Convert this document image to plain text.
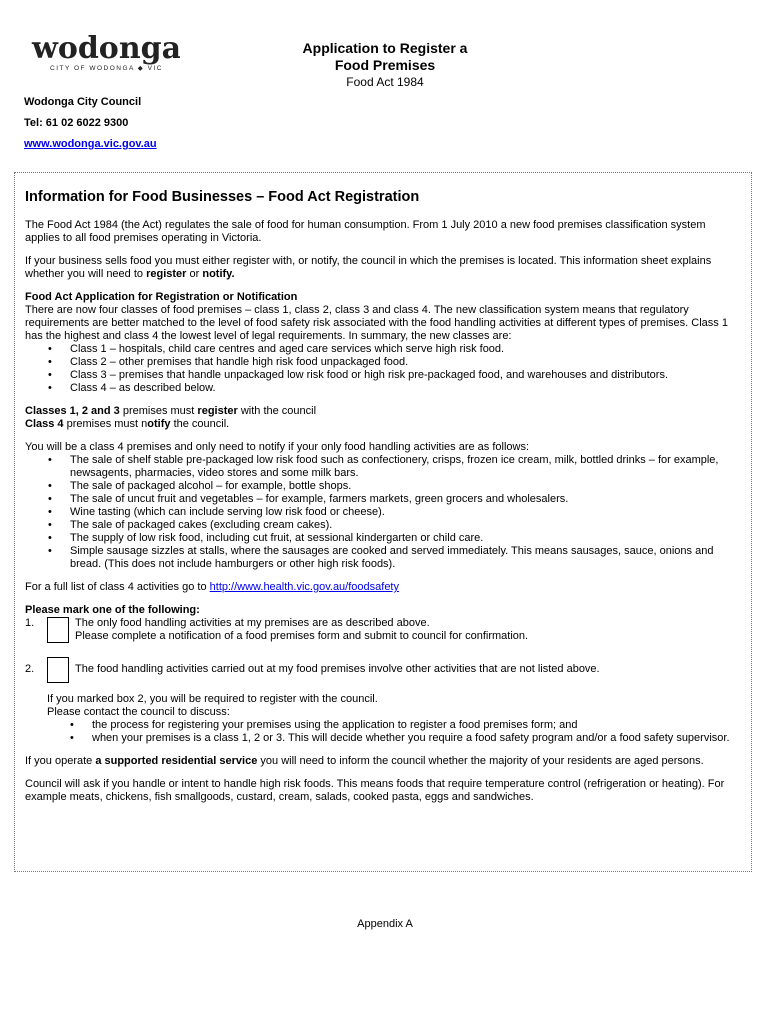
wodonga
CITY OF WODONGA ◆ VIC
Application to Register a
Food Premises
Food Act 1984
Wodonga City Council
Tel: 61 02 6022 9300
www.wodonga.vic.gov.au
Information for Food Businesses – Food Act Registration

The Food Act 1984 (the Act) regulates the sale of food for human consumption. From 1 July 2010 a new food premises classification system applies to all food premises operating in Victoria.

If your business sells food you must either register with, or notify, the council in which the premises is located. This information sheet explains whether you will need to register or notify.

Food Act Application for Registration or Notification
There are now four classes of food premises – class 1, class 2, class 3 and class 4. The new classification system means that regulatory requirements are better matched to the level of food safety risk associated with the food handling activities at different types of premises. Class 1 has the highest and class 4 the lowest level of legal requirements. In summary, the new classes are:

• Class 1 – hospitals, child care centres and aged care services which serve high risk food.
• Class 2 – other premises that handle high risk food unpackaged food.
• Class 3 – premises that handle unpackaged low risk food or high risk pre-packaged food, and warehouses and distributors.
• Class 4 – as described below.

Classes 1, 2 and 3 premises must register with the council
Class 4 premises must notify the council.

You will be a class 4 premises and only need to notify if your only food handling activities are as follows:

• The sale of shelf stable pre-packaged low risk food such as confectionery, crisps, frozen ice cream, milk, bottled drinks – for example, newsagents, pharmacies, video stores and some milk bars.
• The sale of packaged alcohol – for example, bottle shops.
• The sale of uncut fruit and vegetables – for example, farmers markets, green grocers and wholesalers.
• Wine tasting (which can include serving low risk food or cheese).
• The sale of packaged cakes (excluding cream cakes).
• The supply of low risk food, including cut fruit, at sessional kindergarten or child care.
• Simple sausage sizzles at stalls, where the sausages are cooked and served immediately. This means sausages, sauce, onions and bread. (This does not include hamburgers or other high risk foods).

For a full list of class 4 activities go to http://www.health.vic.gov.au/foodsafety

Please mark one of the following:

1.	The only food handling activities at my premises are as described above.
Please complete a notification of a food premises form and submit to council for confirmation.
2.	The food handling activities carried out at my food premises involve other activities that are not listed above.
If you marked box 2, you will be required to register with the council.
Please contact the council to discuss:
• the process for registering your premises using the application to register a food premises form; and
• when your premises is a class 1, 2 or 3. This will decide whether you require a food safety program and/or a food safety supervisor.

If you operate a supported residential service you will need to inform the council whether the majority of your residents are aged persons.

Council will ask if you handle or intent to handle high risk foods. This means foods that require temperature control (refrigeration or heating). For example meats, chickens, fish smallgoods, custard, cream, salads, cooked pasta, eggs and sandwiches.

Appendix A
